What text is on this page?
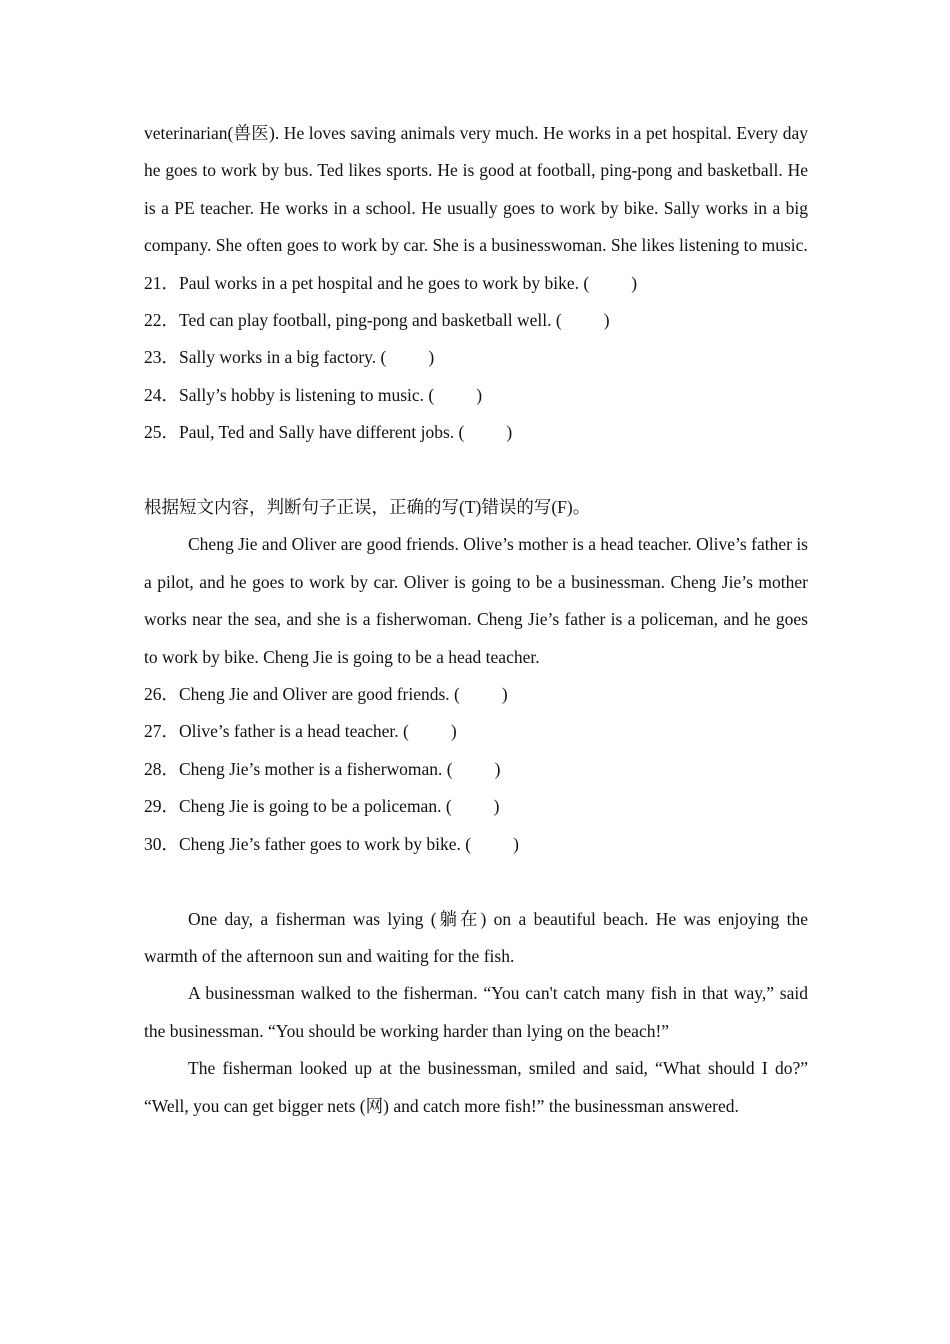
veterinarian(兽医). He loves saving animals very much. He works in a pet hospital. Every day he goes to work by bus. Ted likes sports. He is good at football, ping-pong and basketball. He is a PE teacher. He works in a school. He usually goes to work by bike. Sally works in a big company. She often goes to work by car. She is a businesswoman. She likes listening to music.

21．Paul works in a pet hospital and he goes to work by bike. ( )

22．Ted can play football, ping-pong and basketball well. ( )

23．Sally works in a big factory. ( )

24．Sally’s hobby is listening to music. ( )

25．Paul, Ted and Sally have different jobs. ( )

根据短文内容，判断句子正误，正确的写(T)错误的写(F)。

Cheng Jie and Oliver are good friends. Olive’s mother is a head teacher. Olive’s father is a pilot, and he goes to work by car. Oliver is going to be a businessman. Cheng Jie’s mother works near the sea, and she is a fisherwoman. Cheng Jie’s father is a policeman, and he goes to work by bike. Cheng Jie is going to be a head teacher.

26．Cheng Jie and Oliver are good friends. ( )

27．Olive’s father is a head teacher. ( )

28．Cheng Jie’s mother is a fisherwoman. ( )

29．Cheng Jie is going to be a policeman. ( )

30．Cheng Jie’s father goes to work by bike. ( )

One day, a fisherman was lying (躺在) on a beautiful beach. He was enjoying the warmth of the afternoon sun and waiting for the fish.

A businessman walked to the fisherman. “You can't catch many fish in that way,” said the businessman. “You should be working harder than lying on the beach!”

The fisherman looked up at the businessman, smiled and said, “What should I do?” “Well, you can get bigger nets (网) and catch more fish!” the businessman answered.
